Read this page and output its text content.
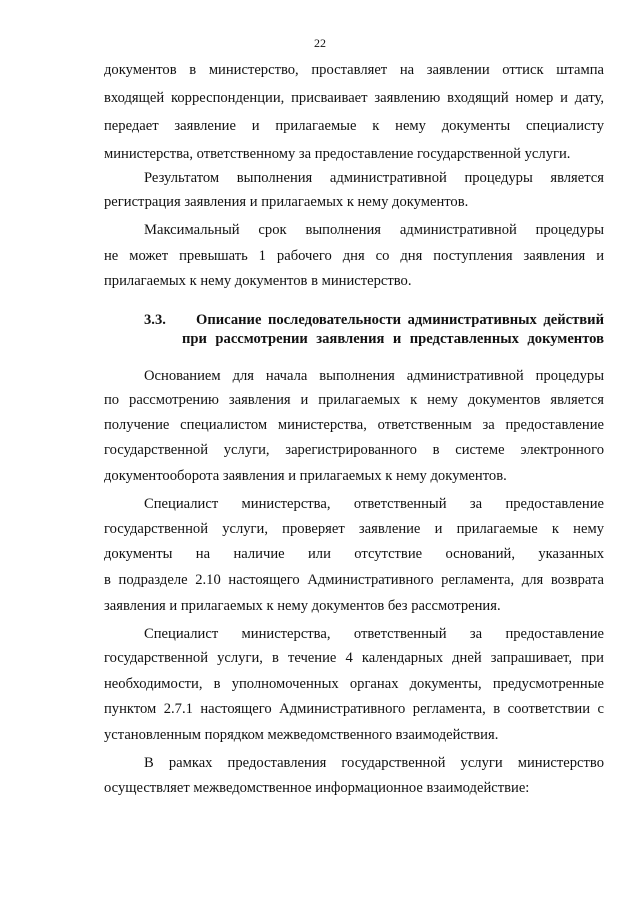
22
документов в министерство, проставляет на заявлении оттиск штампа
входящей корреспонденции, присваивает заявлению входящий номер и дату,
передает заявление и прилагаемые к нему документы специалисту
министерства, ответственному за предоставление государственной услуги.
Результатом выполнения административной процедуры является
регистрация заявления и прилагаемых к нему документов.
Максимальный срок выполнения административной процедуры
не может превышать 1 рабочего дня со дня поступления заявления и
прилагаемых к нему документов в министерство.
3.3. Описание последовательности административных действий
при рассмотрении заявления и представленных документов
Основанием для начала выполнения административной процедуры
по рассмотрению заявления и прилагаемых к нему документов является
получение специалистом министерства, ответственным за предоставление
государственной услуги, зарегистрированного в системе электронного
документооборота заявления и прилагаемых к нему документов.
Специалист министерства, ответственный за предоставление
государственной услуги, проверяет заявление и прилагаемые к нему
документы на наличие или отсутствие оснований, указанных
в подразделе 2.10 настоящего Административного регламента, для возврата
заявления и прилагаемых к нему документов без рассмотрения.
Специалист министерства, ответственный за предоставление
государственной услуги, в течение 4 календарных дней запрашивает, при
необходимости, в уполномоченных органах документы, предусмотренные
пунктом 2.7.1 настоящего Административного регламента, в соответствии с
установленным порядком межведомственного взаимодействия.
В рамках предоставления государственной услуги министерство
осуществляет межведомственное информационное взаимодействие:
